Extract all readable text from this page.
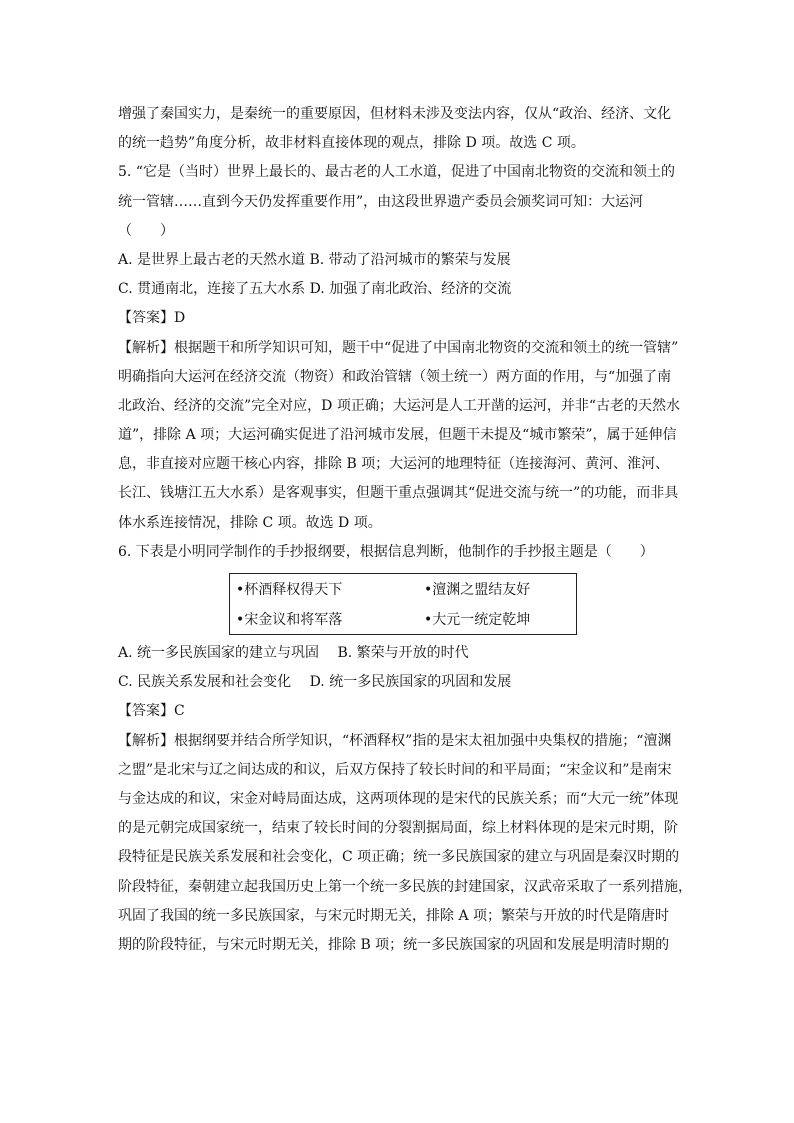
增强了秦国实力，是秦统一的重要原因，但材料未涉及变法内容，仅从“政治、经济、文化
的统一趋势”角度分析，故非材料直接体现的观点，排除 D 项。故选 C 项。
5. “它是（当时）世界上最长的、最古老的人工水道，促进了中国南北物资的交流和领土的
统一管辖……直到今天仍发挥重要作用”，由这段世界遗产委员会颁奖词可知：大运河
（　　）
A. 是世界上最古老的天然水道 B. 带动了沿河城市的繁荣与发展
C. 贯通南北，连接了五大水系 D. 加强了南北政治、经济的交流
【答案】D
【解析】根据题干和所学知识可知，题干中“促进了中国南北物资的交流和领土的统一管辖”
明确指向大运河在经济交流（物资）和政治管辖（领土统一）两方面的作用，与“加强了南
北政治、经济的交流”完全对应，D 项正确；大运河是人工开凿的运河，并非“古老的天然水
道”，排除 A 项；大运河确实促进了沿河城市发展，但题干未提及“城市繁荣”，属于延伸信
息，非直接对应题干核心内容，排除 B 项；大运河的地理特征（连接海河、黄河、淮河、
长江、钱塘江五大水系）是客观事实，但题干重点强调其“促进交流与统一”的功能，而非具
体水系连接情况，排除 C 项。故选 D 项。
6. 下表是小明同学制作的手抄报纲要，根据信息判断，他制作的手抄报主题是（　　）
•杯酒释权得天下	•澶渊之盟结友好
•宋金议和将军落	•大元一统定乾坤
A. 统一多民族国家的建立与巩固　 B. 繁荣与开放的时代
C. 民族关系发展和社会变化　 D. 统一多民族国家的巩固和发展
【答案】C
【解析】根据纲要并结合所学知识，“杯酒释权”指的是宋太祖加强中央集权的措施；“澶渊
之盟”是北宋与辽之间达成的和议，后双方保持了较长时间的和平局面；“宋金议和”是南宋
与金达成的和议，宋金对峙局面达成，这两项体现的是宋代的民族关系；而“大元一统”体现
的是元朝完成国家统一，结束了较长时间的分裂割据局面，综上材料体现的是宋元时期，阶
段特征是民族关系发展和社会变化，C 项正确；统一多民族国家的建立与巩固是秦汉时期的
阶段特征，秦朝建立起我国历史上第一个统一多民族的封建国家，汉武帝采取了一系列措施，
巩固了我国的统一多民族国家，与宋元时期无关，排除 A 项；繁荣与开放的时代是隋唐时
期的阶段特征，与宋元时期无关，排除 B 项；统一多民族国家的巩固和发展是明清时期的
